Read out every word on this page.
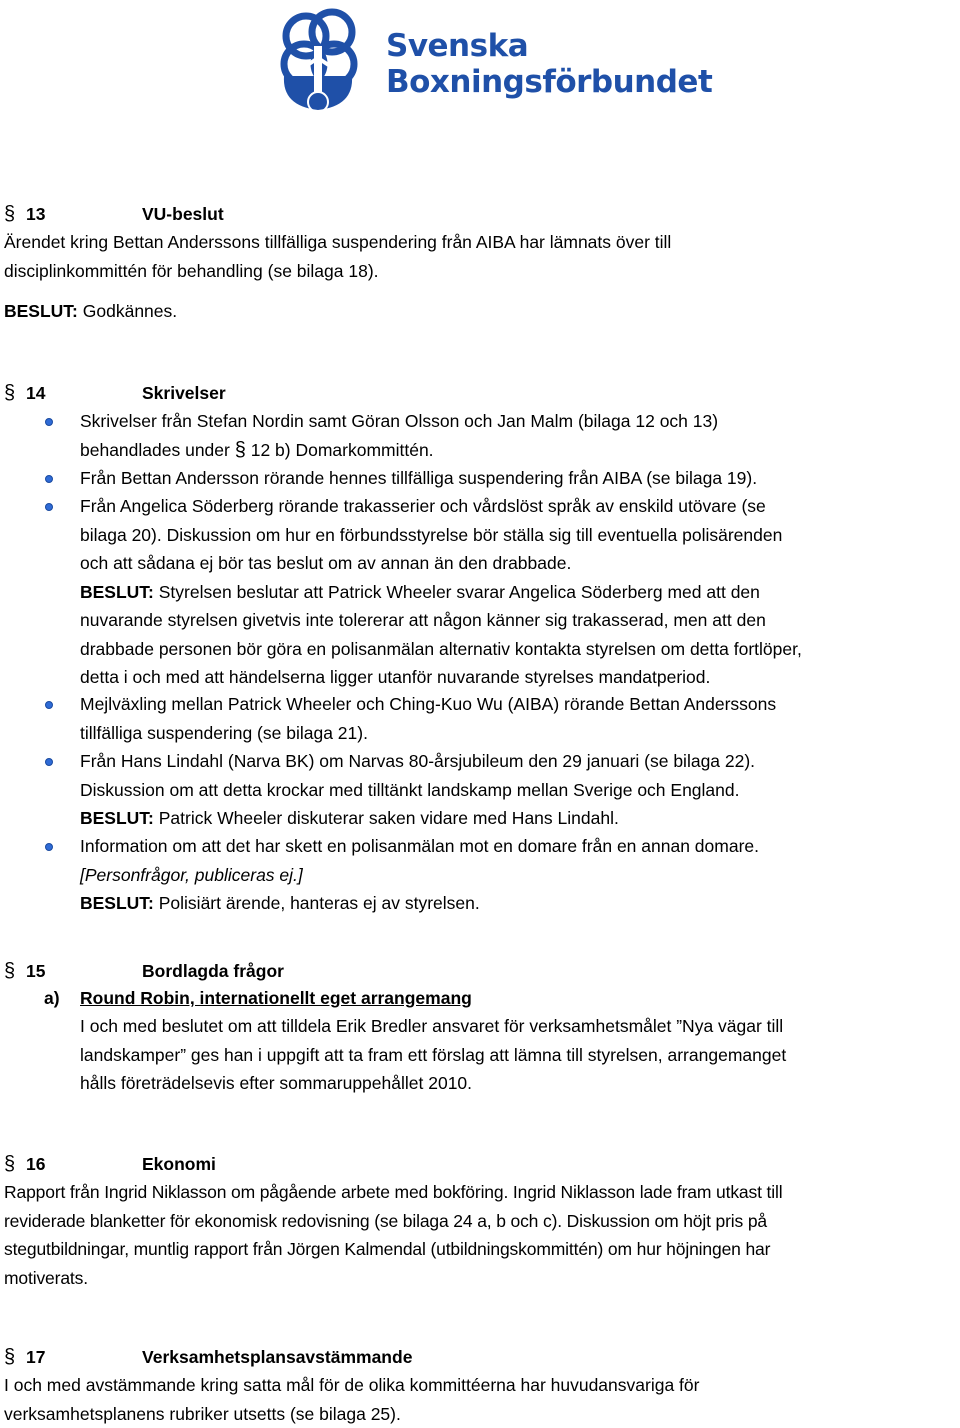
Svenska
Boxningsförbundet
§ 13	VU-beslut
Ärendet kring Bettan Anderssons tillfälliga suspendering från AIBA har lämnats över till
disciplinkommittén för behandling (se bilaga 18).
BESLUT: Godkännes.
§ 14	Skrivelser
Skrivelser från Stefan Nordin samt Göran Olsson och Jan Malm (bilaga 12 och 13)
behandlades under § 12 b) Domarkommittén.
Från Bettan Andersson rörande hennes tillfälliga suspendering från AIBA (se bilaga 19).
Från Angelica Söderberg rörande trakasserier och vårdslöst språk av enskild utövare (se
bilaga 20). Diskussion om hur en förbundsstyrelse bör ställa sig till eventuella polisärenden
och att sådana ej bör tas beslut om av annan än den drabbade.
BESLUT: Styrelsen beslutar att Patrick Wheeler svarar Angelica Söderberg med att den
nuvarande styrelsen givetvis inte tolererar att någon känner sig trakasserad, men att den
drabbade personen bör göra en polisanmälan alternativ kontakta styrelsen om detta fortlöper,
detta i och med att händelserna ligger utanför nuvarande styrelses mandatperiod.
Mejlväxling mellan Patrick Wheeler och Ching-Kuo Wu (AIBA) rörande Bettan Anderssons
tillfälliga suspendering (se bilaga 21).
Från Hans Lindahl (Narva BK) om Narvas 80-årsjubileum den 29 januari (se bilaga 22).
Diskussion om att detta krockar med tilltänkt landskamp mellan Sverige och England.
BESLUT: Patrick Wheeler diskuterar saken vidare med Hans Lindahl.
Information om att det har skett en polisanmälan mot en domare från en annan domare.
[Personfrågor, publiceras ej.]
BESLUT: Polisiärt ärende, hanteras ej av styrelsen.
§ 15	Bordlagda frågor
a) Round Robin, internationellt eget arrangemang
I och med beslutet om att tilldela Erik Bredler ansvaret för verksamhetsmålet ”Nya vägar till
landskamper” ges han i uppgift att ta fram ett förslag att lämna till styrelsen, arrangemanget
hålls företrädelsevis efter sommaruppehållet 2010.
§ 16	Ekonomi
Rapport från Ingrid Niklasson om pågående arbete med bokföring. Ingrid Niklasson lade fram utkast till
reviderade blanketter för ekonomisk redovisning (se bilaga 24 a, b och c). Diskussion om höjt pris på
stegutbildningar, muntlig rapport från Jörgen Kalmendal (utbildningskommittén) om hur höjningen har
motiverats.
§ 17	Verksamhetsplansavstämmande
I och med avstämmande kring satta mål för de olika kommittéerna har huvudansvariga för
verksamhetsplanens rubriker utsetts (se bilaga 25).
